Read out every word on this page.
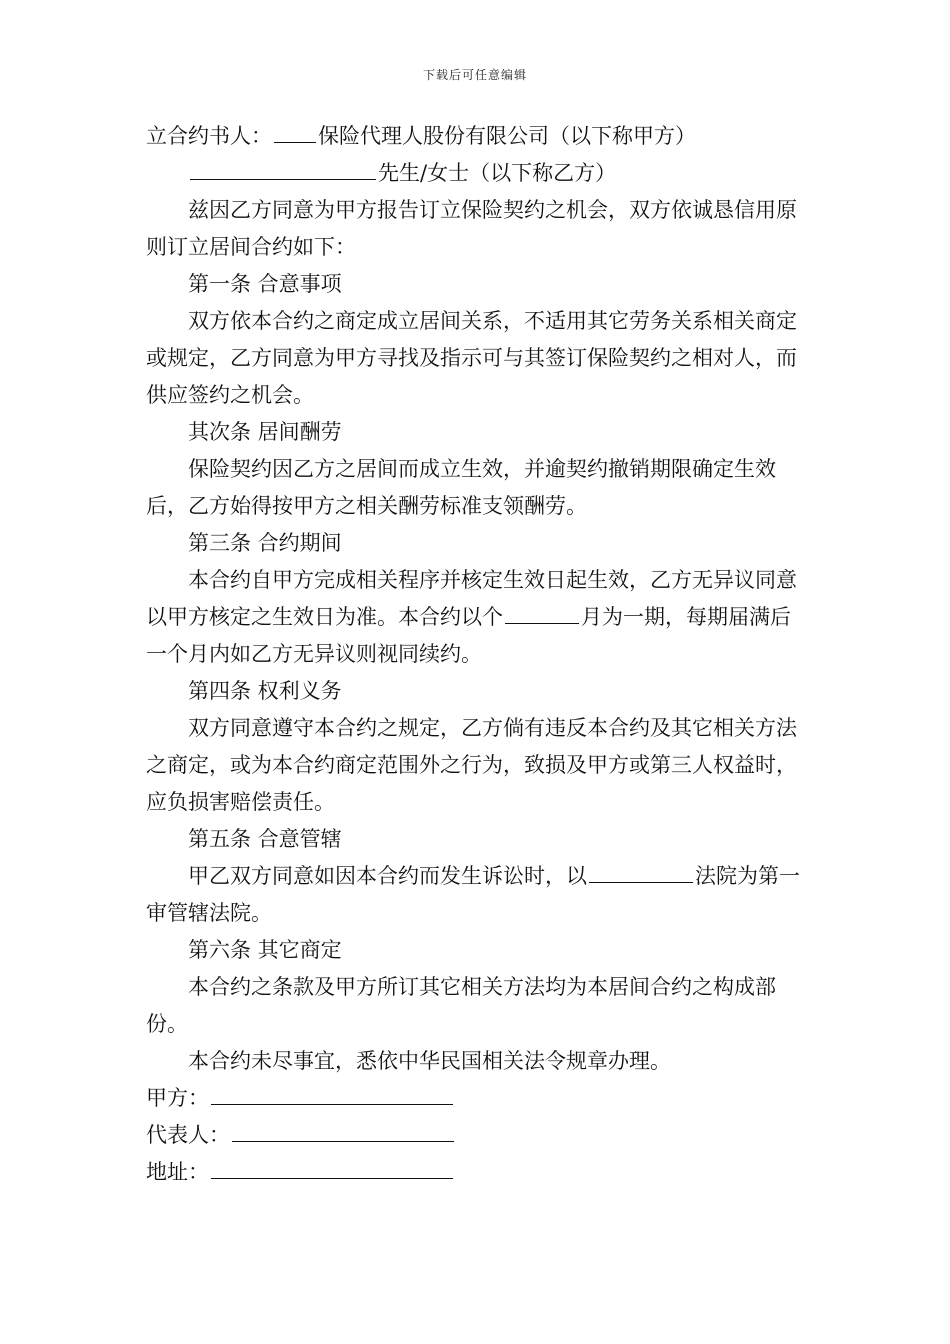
下载后可任意编辑

立合约书人： 保险代理人股份有限公司（以下称甲方）

先生/女士（以下称乙方）

兹因乙方同意为甲方报告订立保险契约之机会，双方依诚恳信用原则订立居间合约如下：

第一条 合意事项

双方依本合约之商定成立居间关系，不适用其它劳务关系相关商定或规定，乙方同意为甲方寻找及指示可与其签订保险契约之相对人，而供应签约之机会。

其次条 居间酬劳

保险契约因乙方之居间而成立生效，并逾契约撤销期限确定生效后，乙方始得按甲方之相关酬劳标准支领酬劳。

第三条 合约期间

本合约自甲方完成相关程序并核定生效日起生效，乙方无异议同意以甲方核定之生效日为准。本合约以个	月为一期，每期届满后一个月内如乙方无异议则视同续约。

第四条 权利义务

双方同意遵守本合约之规定，乙方倘有违反本合约及其它相关方法之商定，或为本合约商定范围外之行为，致损及甲方或第三人权益时，应负损害赔偿责任。

第五条 合意管辖

甲乙双方同意如因本合约而发生诉讼时，以	法院为第一审管辖法院。

第六条 其它商定

本合约之条款及甲方所订其它相关方法均为本居间合约之构成部份。

本合约未尽事宜，悉依中华民国相关法令规章办理。

甲方：

代表人：

地址：
